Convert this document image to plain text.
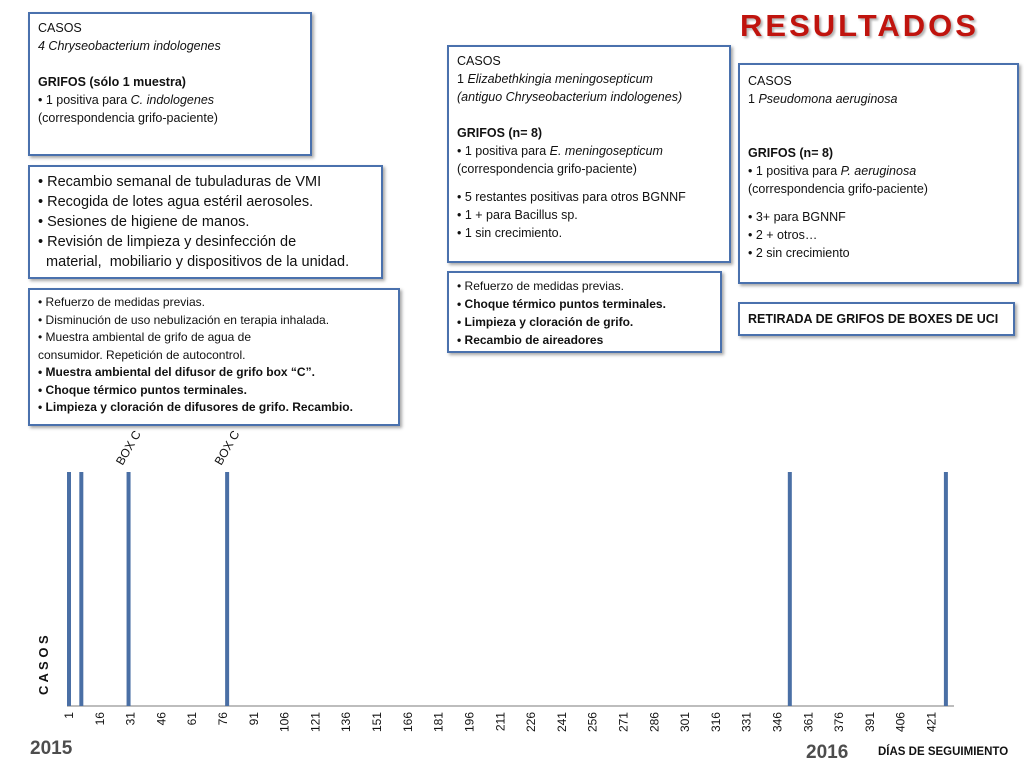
RESULTADOS
CASOS
4 Chryseobacterium indologenes
GRIFOS (sólo 1 muestra)
• 1 positiva para C. indologenes
(correspondencia grifo-paciente)
• Recambio semanal de tubuladuras de VMI
• Recogida de lotes agua estéril aerosoles.
• Sesiones de higiene de manos.
• Revisión de limpieza y desinfección de
material,  mobiliario y dispositivos de la unidad.
• Refuerzo de medidas previas.
• Disminución de uso nebulización en terapia inhalada.
• Muestra ambiental de grifo de agua de
consumidor. Repetición de autocontrol.
• Muestra ambiental del difusor de grifo box “C”.
• Choque térmico puntos terminales.
• Limpieza y cloración de difusores de grifo. Recambio.
CASOS
1 Elizabethkingia meningosepticum
(antiguo Chryseobacterium indologenes)
GRIFOS (n= 8)
• 1 positiva para E. meningosepticum
(correspondencia grifo-paciente)
• 5 restantes positivas para otros BGNNF
• 1 + para Bacillus sp.
• 1 sin crecimiento.
• Refuerzo de medidas previas.
• Choque térmico puntos terminales.
• Limpieza y cloración de grifo.
• Recambio de aireadores
CASOS
1 Pseudomona aeruginosa
GRIFOS (n= 8)
• 1 positiva para P. aeruginosa
(correspondencia grifo-paciente)
• 3+ para BGNNF
• 2 + otros…
• 2 sin crecimiento
RETIRADA DE GRIFOS DE BOXES DE UCI
1 16 31 46 61 76 91 106 121 136 151 166 181 196 211 226 241 256 271 286 301 316 331 346 361 376 391 406 421
BOX C	BOX C
C A S O S
2015	2016	DÍAS DE SEGUIMIENTO
